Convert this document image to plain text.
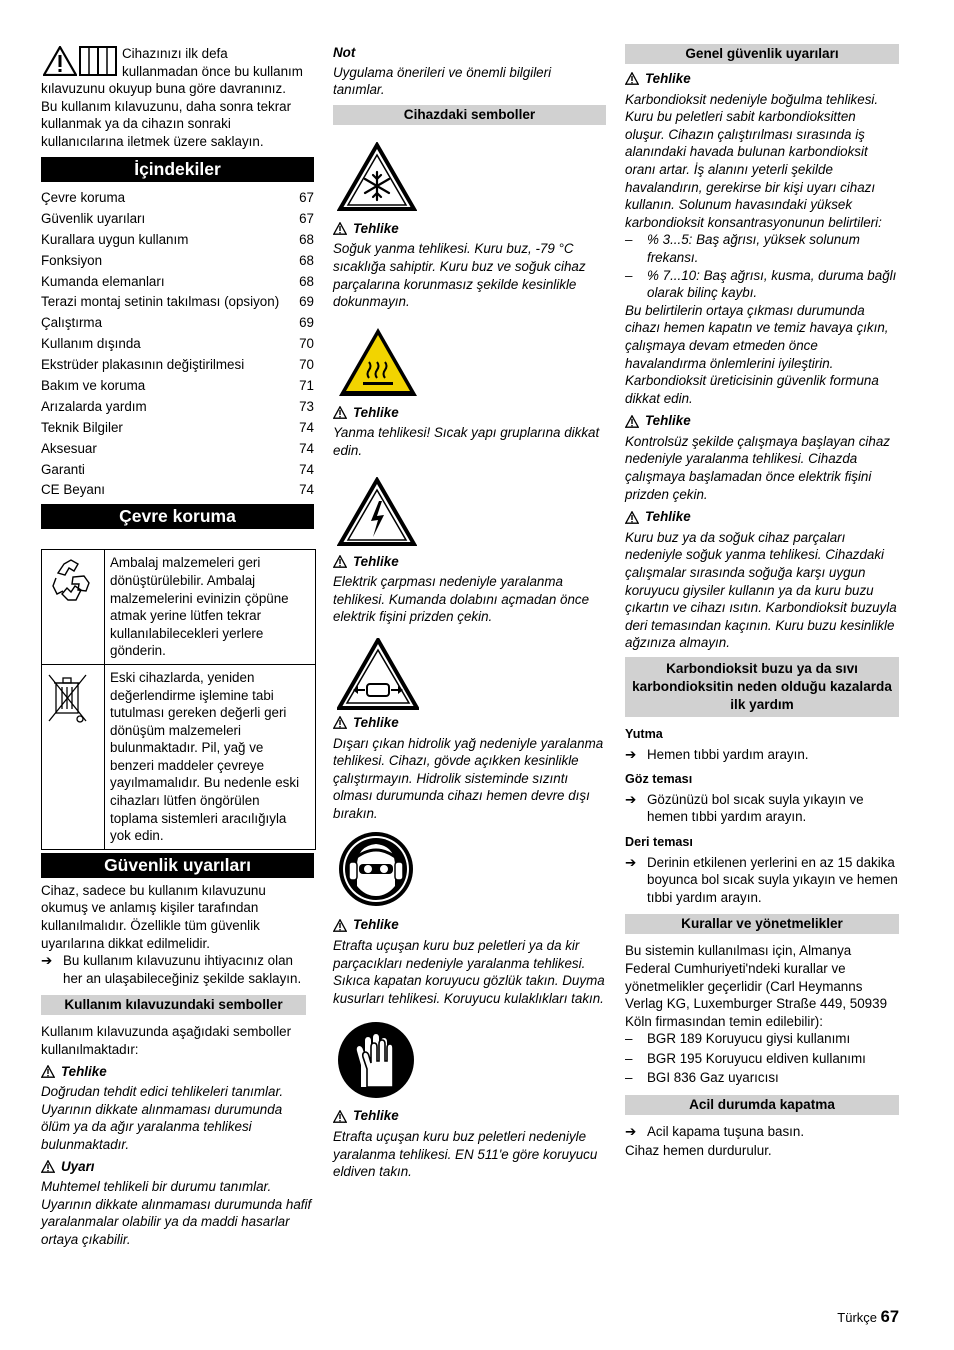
Cihazınızı ilk defa

kullanmadan önce bu kullanım

kılavuzunu okuyup buna göre davranınız.

Bu kullanım kılavuzunu, daha sonra tekrar

kullanmak ya da cihazın sonraki

kullanıcılarına iletmek üzere saklayın.

İçindekiler
Çevre koruma	67
Güvenlik uyarıları	67
Kurallara uygun kullanım	68
Fonksiyon	68
Kumanda elemanları	68
Terazi montaj setinin takılması (opsiyon) 69
Çalıştırma	69
Kullanım dışında	70
Ekstrüder plakasının değiştirilmesi	70
Bakım ve koruma	71
Arızalarda yardım	73
Teknik Bilgiler	74
Aksesuar	74
Garanti	74
CE Beyanı	74
Çevre koruma
	Ambalaj malzemeleri geri dönüştürülebilir. Ambalaj malzemelerini evinizin çöpüne atmak yerine lütfen tekrar kullanılabilecekleri yerlere gönderin.
	Eski cihazlarda, yeniden değerlendirme işlemine tabi tutulması gereken değerli geri dönüşüm malzemeleri bulunmaktadır. Pil, yağ ve benzeri maddeler çevreye yayılmamalıdır. Bu nedenle eski cihazları lütfen öngörülen toplama sistemleri aracılığıyla yok edin.
Güvenlik uyarıları

Cihaz, sadece bu kullanım kılavuzunu okumuş ve anlamış kişiler tarafından kullanılmalıdır. Özellikle tüm güvenlik uyarılarına dikkat edilmelidir.

➔ Bu kullanım kılavuzunu ihtiyacınız olan her an ulaşabileceğiniz şekilde saklayın.
Kullanım kılavuzundaki semboller

Kullanım kılavuzunda aşağıdaki semboller kullanılmaktadır:

Tehlike

Doğrudan tehdit edici tehlikeleri tanımlar. Uyarının dikkate alınmaması durumunda ölüm ya da ağır yaralanma tehlikesi bulunmaktadır.

Uyarı

Muhtemel tehlikeli bir durumu tanımlar. Uyarının dikkate alınmaması durumunda hafif yaralanmalar olabilir ya da maddi hasarlar ortaya çıkabilir.

Not

Uygulama önerileri ve önemli bilgileri tanımlar.

Cihazdaki semboller
Tehlike

Soğuk yanma tehlikesi. Kuru buz, -79 °C sıcaklığa sahiptir. Kuru buz ve soğuk cihaz parçalarına korunmasız şekilde kesinlikle dokunmayın.

Tehlike

Yanma tehlikesi! Sıcak yapı gruplarına dikkat edin.

Tehlike

Elektrik çarpması nedeniyle yaralanma tehlikesi. Kumanda dolabını açmadan önce elektrik fişini prizden çekin.

Tehlike

Dışarı çıkan hidrolik yağ nedeniyle yaralanma tehlikesi. Cihazı, gövde açıkken kesinlikle çalıştırmayın. Hidrolik sisteminde sızıntı olması durumunda cihazı hemen devre dışı bırakın.

Tehlike

Etrafta uçuşan kuru buz peletleri ya da kir parçacıkları nedeniyle yaralanma tehlikesi. Sıkıca kapatan koruyucu gözlük takın. Duyma kusurları tehlikesi. Koruyucu kulaklıkları takın.

Tehlike

Etrafta uçuşan kuru buz peletleri nedeniyle yaralanma tehlikesi. EN 511'e göre koruyucu eldiven takın.

Genel güvenlik uyarıları
Tehlike

Karbondioksit nedeniyle boğulma tehlikesi. Kuru bu peletleri sabit karbondioksitten oluşur. Cihazın çalıştırılması sırasında iş alanındaki havada bulunan karbondioksit oranı artar. İş alanını yeterli şekilde havalandırın, gerekirse bir kişi uyarı cihazı kullanın. Solunum havasındaki yüksek karbondioksit konsantrasyonunun belirtileri:

–	% 3...5: Baş ağrısı, yüksek solunum frekansı.
–	% 7...10: Baş ağrısı, kusma, duruma bağlı olarak bilinç kaybı.

Bu belirtilerin ortaya çıkması durumunda cihazı hemen kapatın ve temiz havaya çıkın, çalışmaya devam etmeden önce havalandırma önlemlerini iyileştirin. Karbondioksit üreticisinin güvenlik formuna dikkat edin.

Tehlike

Kontrolsüz şekilde çalışmaya başlayan cihaz nedeniyle yaralanma tehlikesi. Cihazda çalışmaya başlamadan önce elektrik fişini prizden çekin.

Tehlike

Kuru buz ya da soğuk cihaz parçaları nedeniyle soğuk yanma tehlikesi. Cihazdaki çalışmalar sırasında soğuğa karşı uygun koruyucu giysiler kullanın ya da kuru buzu çıkartın ve cihazı ısıtın. Karbondioksit buzuyla deri temasından kaçının. Kuru buzu kesinlikle ağzınıza almayın.

Karbondioksit buzu ya da sıvı karbondioksitin neden olduğu kazalarda ilk yardım

Yutma

➔ Hemen tıbbi yardım arayın.

Göz teması

➔ Gözünüzü bol sıcak suyla yıkayın ve hemen tıbbi yardım arayın.

Deri teması

➔ Derinin etkilenen yerlerini en az 15 dakika boyunca bol sıcak suyla yıkayın ve hemen tıbbi yardım arayın.
Kurallar ve yönetmelikler

Bu sistemin kullanılması için, Almanya Federal Cumhuriyeti'ndeki kurallar ve yönetmelikler geçerlidir (Carl Heymanns Verlag KG, Luxemburger Straße 449, 50939 Köln firmasından temin edilebilir):

–	BGR 189 Koruyucu giysi kullanımı
–	BGR 195 Koruyucu eldiven kullanımı
–	BGI 836 Gaz uyarıcısı
Acil durumda kapatma
➔ Acil kapama tuşuna basın.

Cihaz hemen durdurulur.

Türkçe 67
